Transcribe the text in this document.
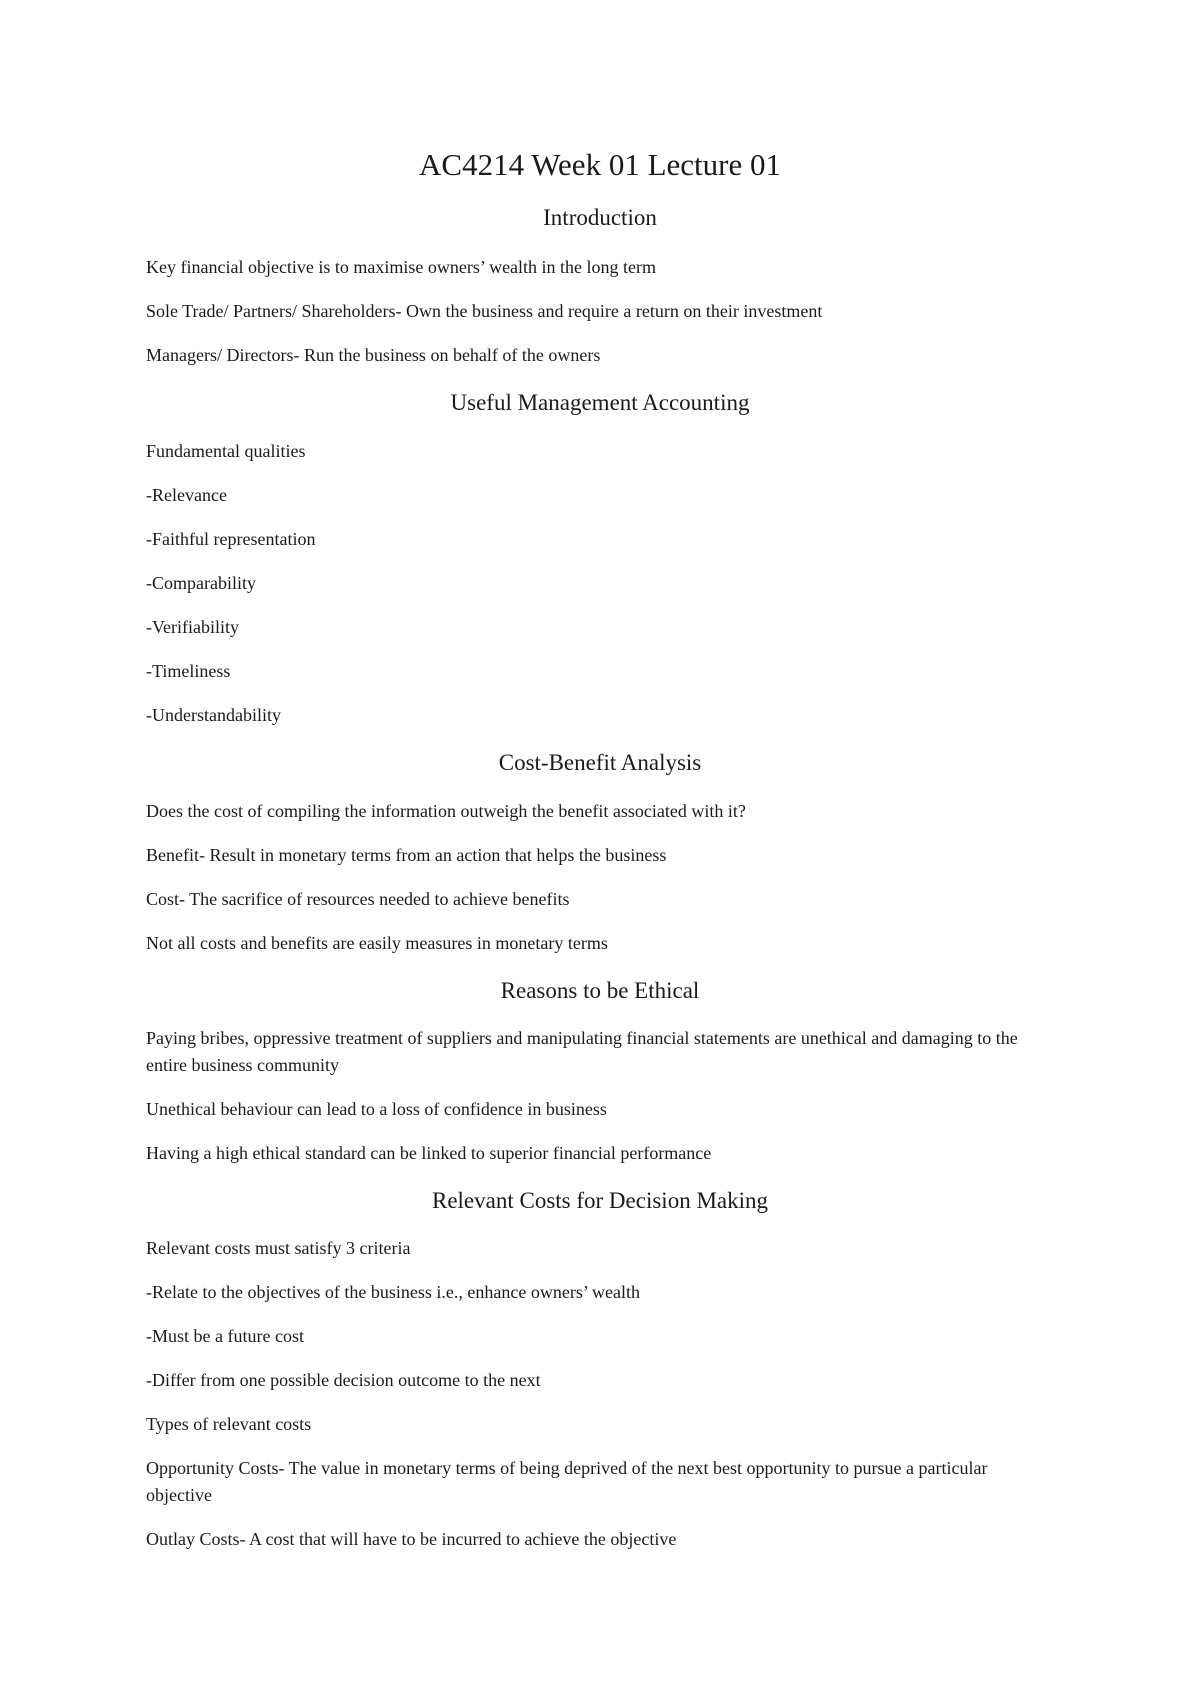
AC4214 Week 01 Lecture 01
Introduction

Key financial objective is to maximise owners’ wealth in the long term

Sole Trade/ Partners/ Shareholders- Own the business and require a return on their investment

Managers/ Directors- Run the business on behalf of the owners

Useful Management Accounting

Fundamental qualities

-Relevance

-Faithful representation

-Comparability

-Verifiability

-Timeliness

-Understandability

Cost-Benefit Analysis

Does the cost of compiling the information outweigh the benefit associated with it?

Benefit- Result in monetary terms from an action that helps the business

Cost- The sacrifice of resources needed to achieve benefits

Not all costs and benefits are easily measures in monetary terms

Reasons to be Ethical

Paying bribes, oppressive treatment of suppliers and manipulating financial statements are unethical and damaging to the entire business community

Unethical behaviour can lead to a loss of confidence in business

Having a high ethical standard can be linked to superior financial performance

Relevant Costs for Decision Making

Relevant costs must satisfy 3 criteria

-Relate to the objectives of the business i.e., enhance owners’ wealth

-Must be a future cost

-Differ from one possible decision outcome to the next

Types of relevant costs

Opportunity Costs- The value in monetary terms of being deprived of the next best opportunity to pursue a particular objective

Outlay Costs- A cost that will have to be incurred to achieve the objective
